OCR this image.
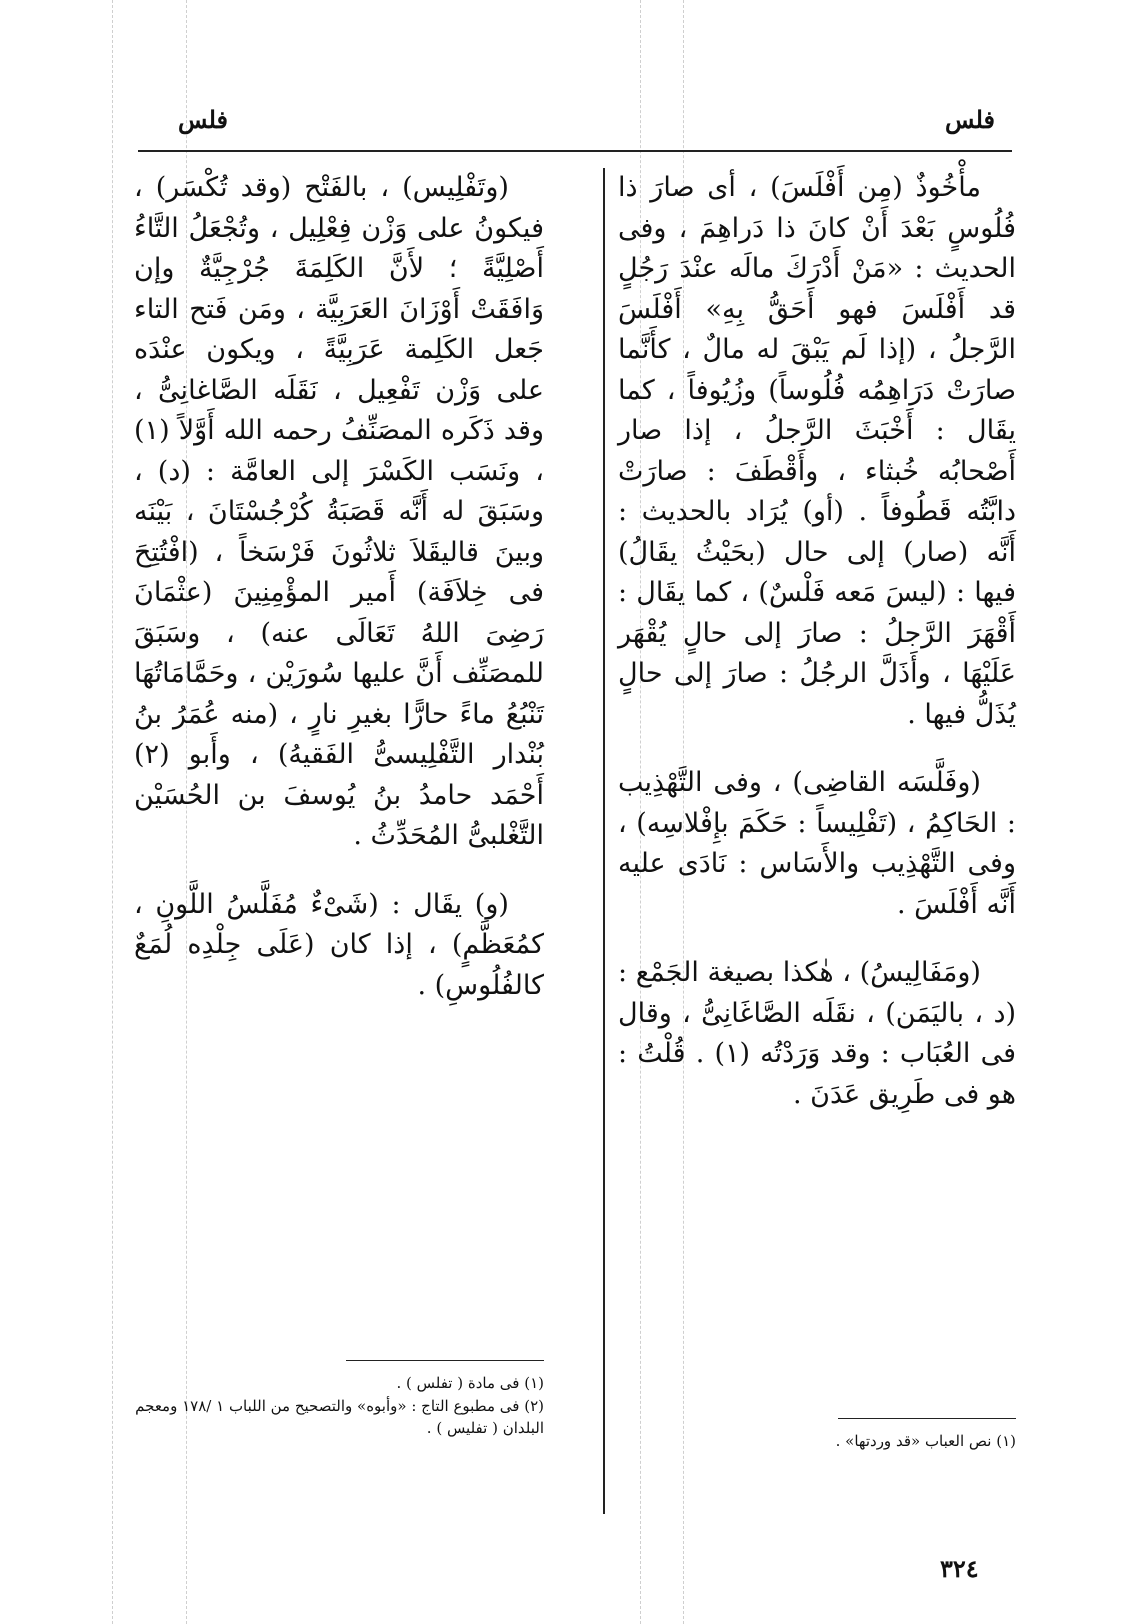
فلس
فلس

مأْخُوذٌ (مِن أَفْلَسَ) ، أى صارَ ذا فُلُوسٍ بَعْدَ أَنْ كانَ ذا دَراهِمَ ، وفى الحديث : «مَنْ أَدْرَكَ مالَه عنْدَ رَجُلٍ قد أَفْلَسَ فهو أَحَقُّ بِهِ» أَفْلَسَ الرَّجلُ ، (إذا لَم يَبْقَ له مالٌ ، كأَنَّما صارَتْ دَرَاهِمُه فُلُوساً) وزُيُوفاً ، كما يقَال : أَخْبَثَ الرَّجلُ ، إذا صار أَصْحابُه خُبثاء ، وأَقْطَفَ : صارَتْ دابَّتُه قَطُوفاً . (أو) يُرَاد بالحديث : أَنَّه (صار) إلى حال (بحَيْثُ يقَالُ) فيها : (ليسَ مَعه فَلْسٌ) ، كما يقَال : أَقْهَرَ الرَّجلُ : صارَ إلى حالٍ يُقْهَر عَلَيْهَا ، وأَذَلَّ الرجُلُ : صارَ إلى حالٍ يُذَلُّ فيها .

(وفَلَّسَه القاضِى) ، وفى التَّهْذِيب : الحَاكِمُ ، (تَفْلِيساً : حَكَمَ بإِفْلاسِه) ، وفى التَّهْذِيب والأَسَاس : نَادَى عليه أَنَّه أَفْلَسَ .

(ومَفَالِيسُ) ، هٰكذا بصيغة الجَمْع : (د ، باليَمَن) ، نقَلَه الصَّاغَانِىُّ ، وقال فى العُبَاب : وقد وَرَدْتُه (١) . قُلْتُ : هو فى طَرِيق عَدَنَ .

(١) نص العباب «قد وردتها» .

(وتَفْلِيس) ، بالفَتْح (وقد تُكْسَر) ، فيكونُ على وَزْن فِعْلِيل ، وتُجْعَلُ التَّاءُ أَصْلِيَّةً ؛ لأَنَّ الكَلِمَةَ جُرْجِيَّةٌ وإن وَافَقَتْ أَوْزَانَ العَرَبِيَّة ، ومَن فَتح التاء جَعل الكَلِمة عَرَبِيَّةً ، ويكون عنْدَه على وَزْن تَفْعِيل ، نَقَلَه الصَّاغانِىُّ ، وقد ذَكَره المصَنِّفُ رحمه الله أَوَّلاً (١) ، ونَسَب الكَسْرَ إلى العامَّة : (د) ، وسَبَقَ له أَنَّه قَصَبَةُ كُرْجُسْتَانَ ، بَيْنَه وبينَ قاليقَلاَ ثلاثُونَ فَرْسَخاً ، (افْتُتِحَ فى خِلاَفَة) أَمير المؤْمِنِينَ (عثْمَانَ رَضِىَ اللهُ تَعَالَى عنه) ، وسَبَقَ للمصَنِّف أَنَّ عليها سُورَيْن ، وحَمَّامَاتُهَا تَنْبُعُ ماءً حارًّا بغيرِ نارٍ ، (منه عُمَرُ بنُ بُنْدار التَّفْلِيسىُّ الفَقيهُ) ، وأَبو (٢) أَحْمَد حامدُ بنُ يُوسفَ بن الحُسَيْن التَّغْلبىُّ المُحَدِّثُ .

(و) يقَال : (شَىْءٌ مُفَلَّسُ اللَّونِ ، كمُعَظَّمٍ) ، إذا كان (عَلَى جِلْدِه لُمَعٌ كالفُلُوسِ) .

(١) فى مادة ( تفلس ) .
(٢) فى مطبوع التاج : «وأبوه» والتصحيح من اللباب ١ /١٧٨ ومعجم البلدان ( تفليس ) .
٣٢٤
